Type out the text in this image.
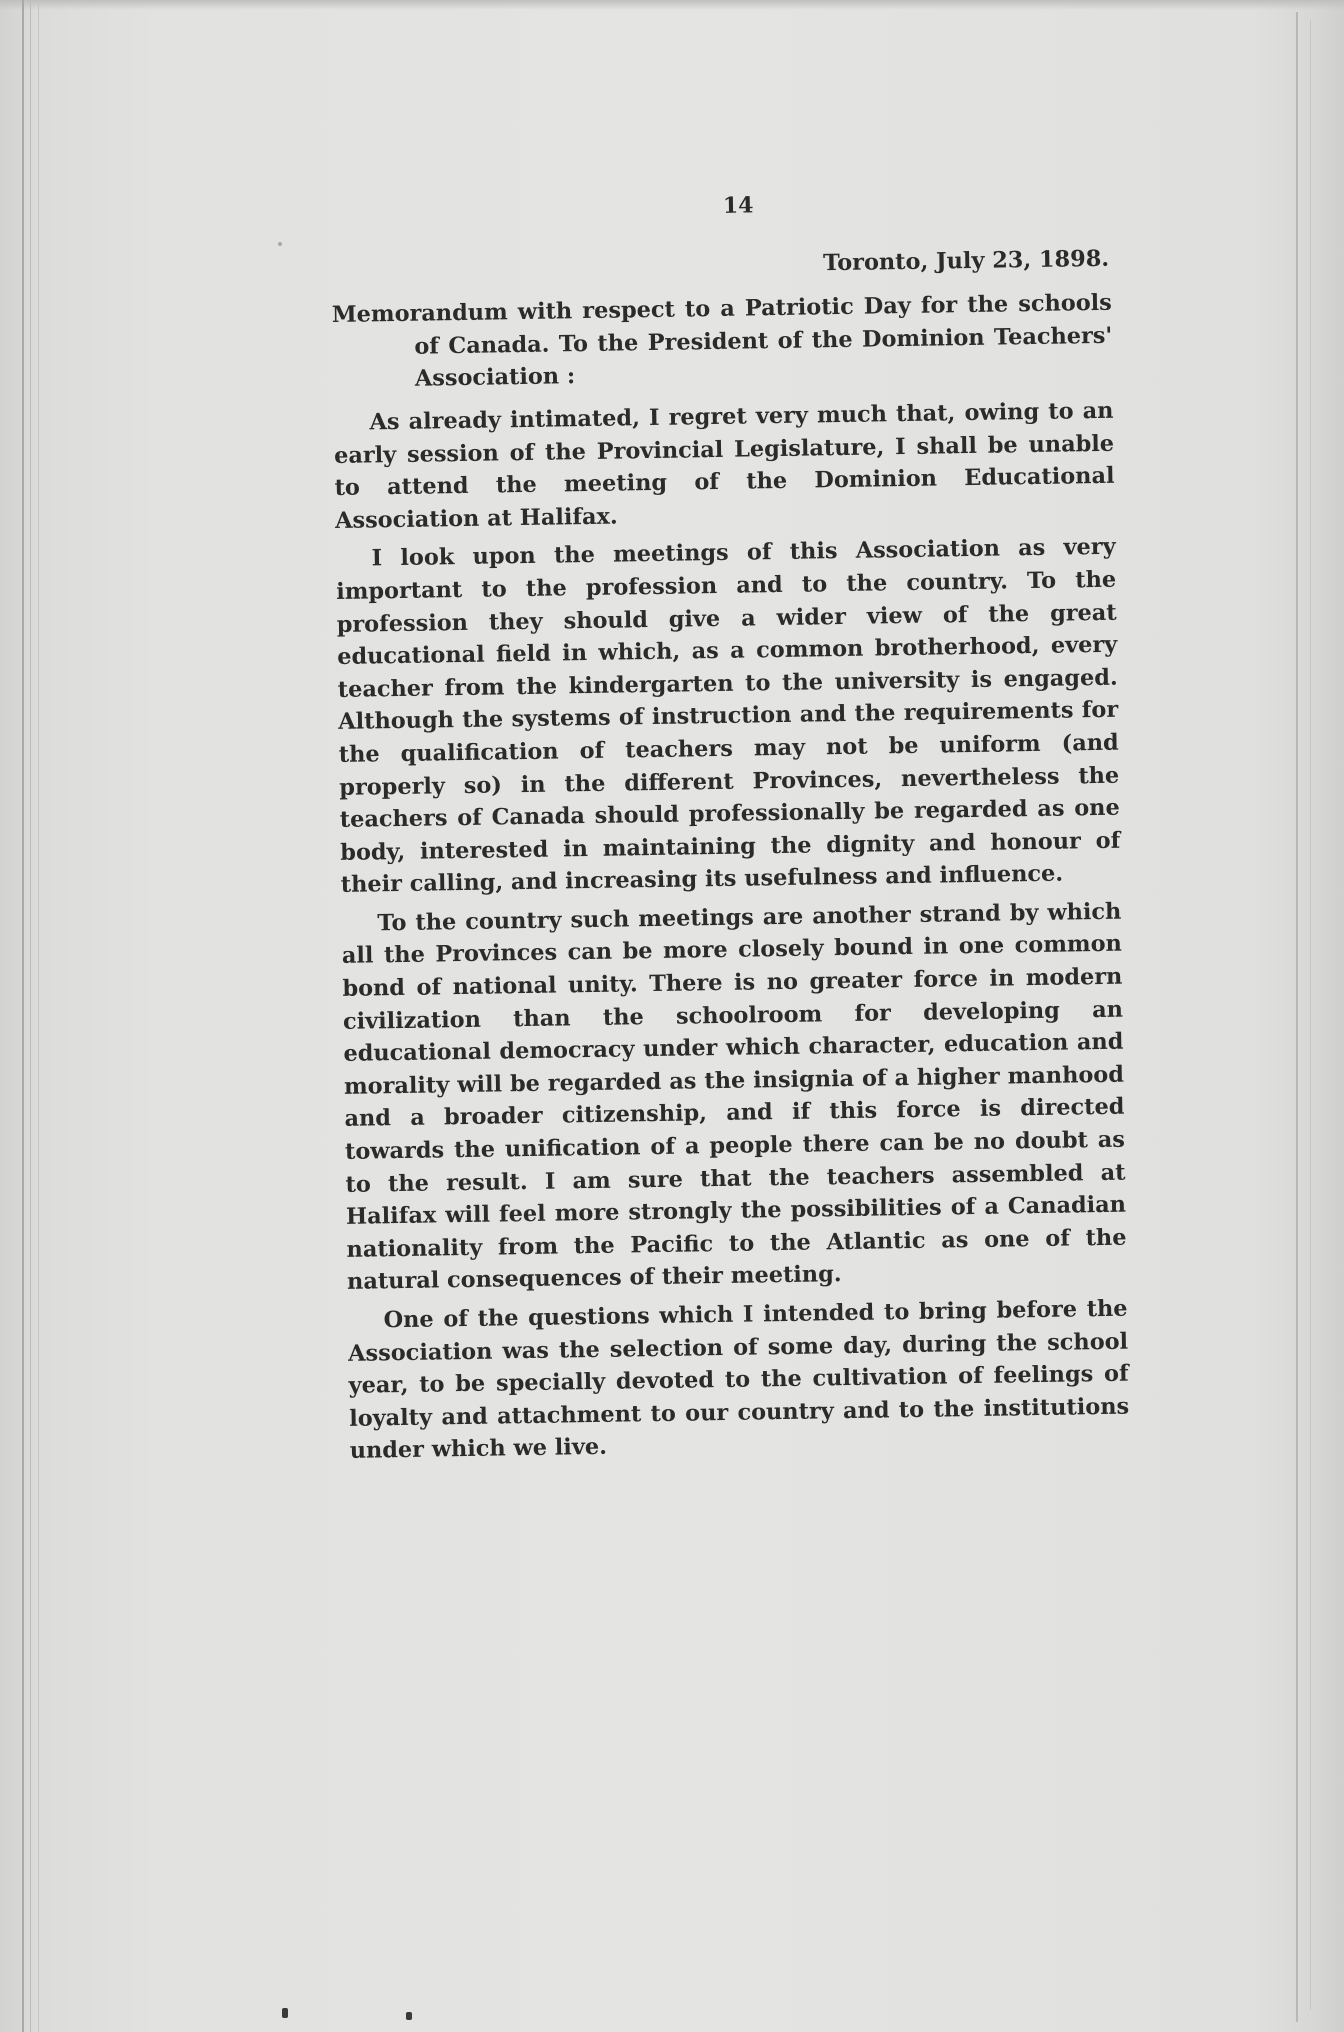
14
Toronto, July 23, 1898.
Memorandum with respect to a Patriotic Day for the schools of Canada. To the President of the Dominion Teachers' Association :

As already intimated, I regret very much that, owing to an early session of the Provincial Legislature, I shall be unable to attend the meeting of the Dominion Educational Association at Halifax.

I look upon the meetings of this Association as very important to the profession and to the country. To the profession they should give a wider view of the great educational field in which, as a common brotherhood, every teacher from the kindergarten to the university is engaged. Although the systems of instruction and the requirements for the qualification of teachers may not be uniform (and properly so) in the different Provinces, nevertheless the teachers of Canada should professionally be regarded as one body, interested in maintaining the dignity and honour of their calling, and increasing its usefulness and influence.

To the country such meetings are another strand by which all the Provinces can be more closely bound in one common bond of national unity. There is no greater force in modern civilization than the schoolroom for developing an educational democracy under which character, education and morality will be regarded as the insignia of a higher manhood and a broader citizenship, and if this force is directed towards the unification of a people there can be no doubt as to the result. I am sure that the teachers assembled at Halifax will feel more strongly the possibilities of a Canadian nationality from the Pacific to the Atlantic as one of the natural consequences of their meeting.

One of the questions which I intended to bring before the Association was the selection of some day, during the school year, to be specially devoted to the cultivation of feelings of loyalty and attachment to our country and to the institutions under which we live.
